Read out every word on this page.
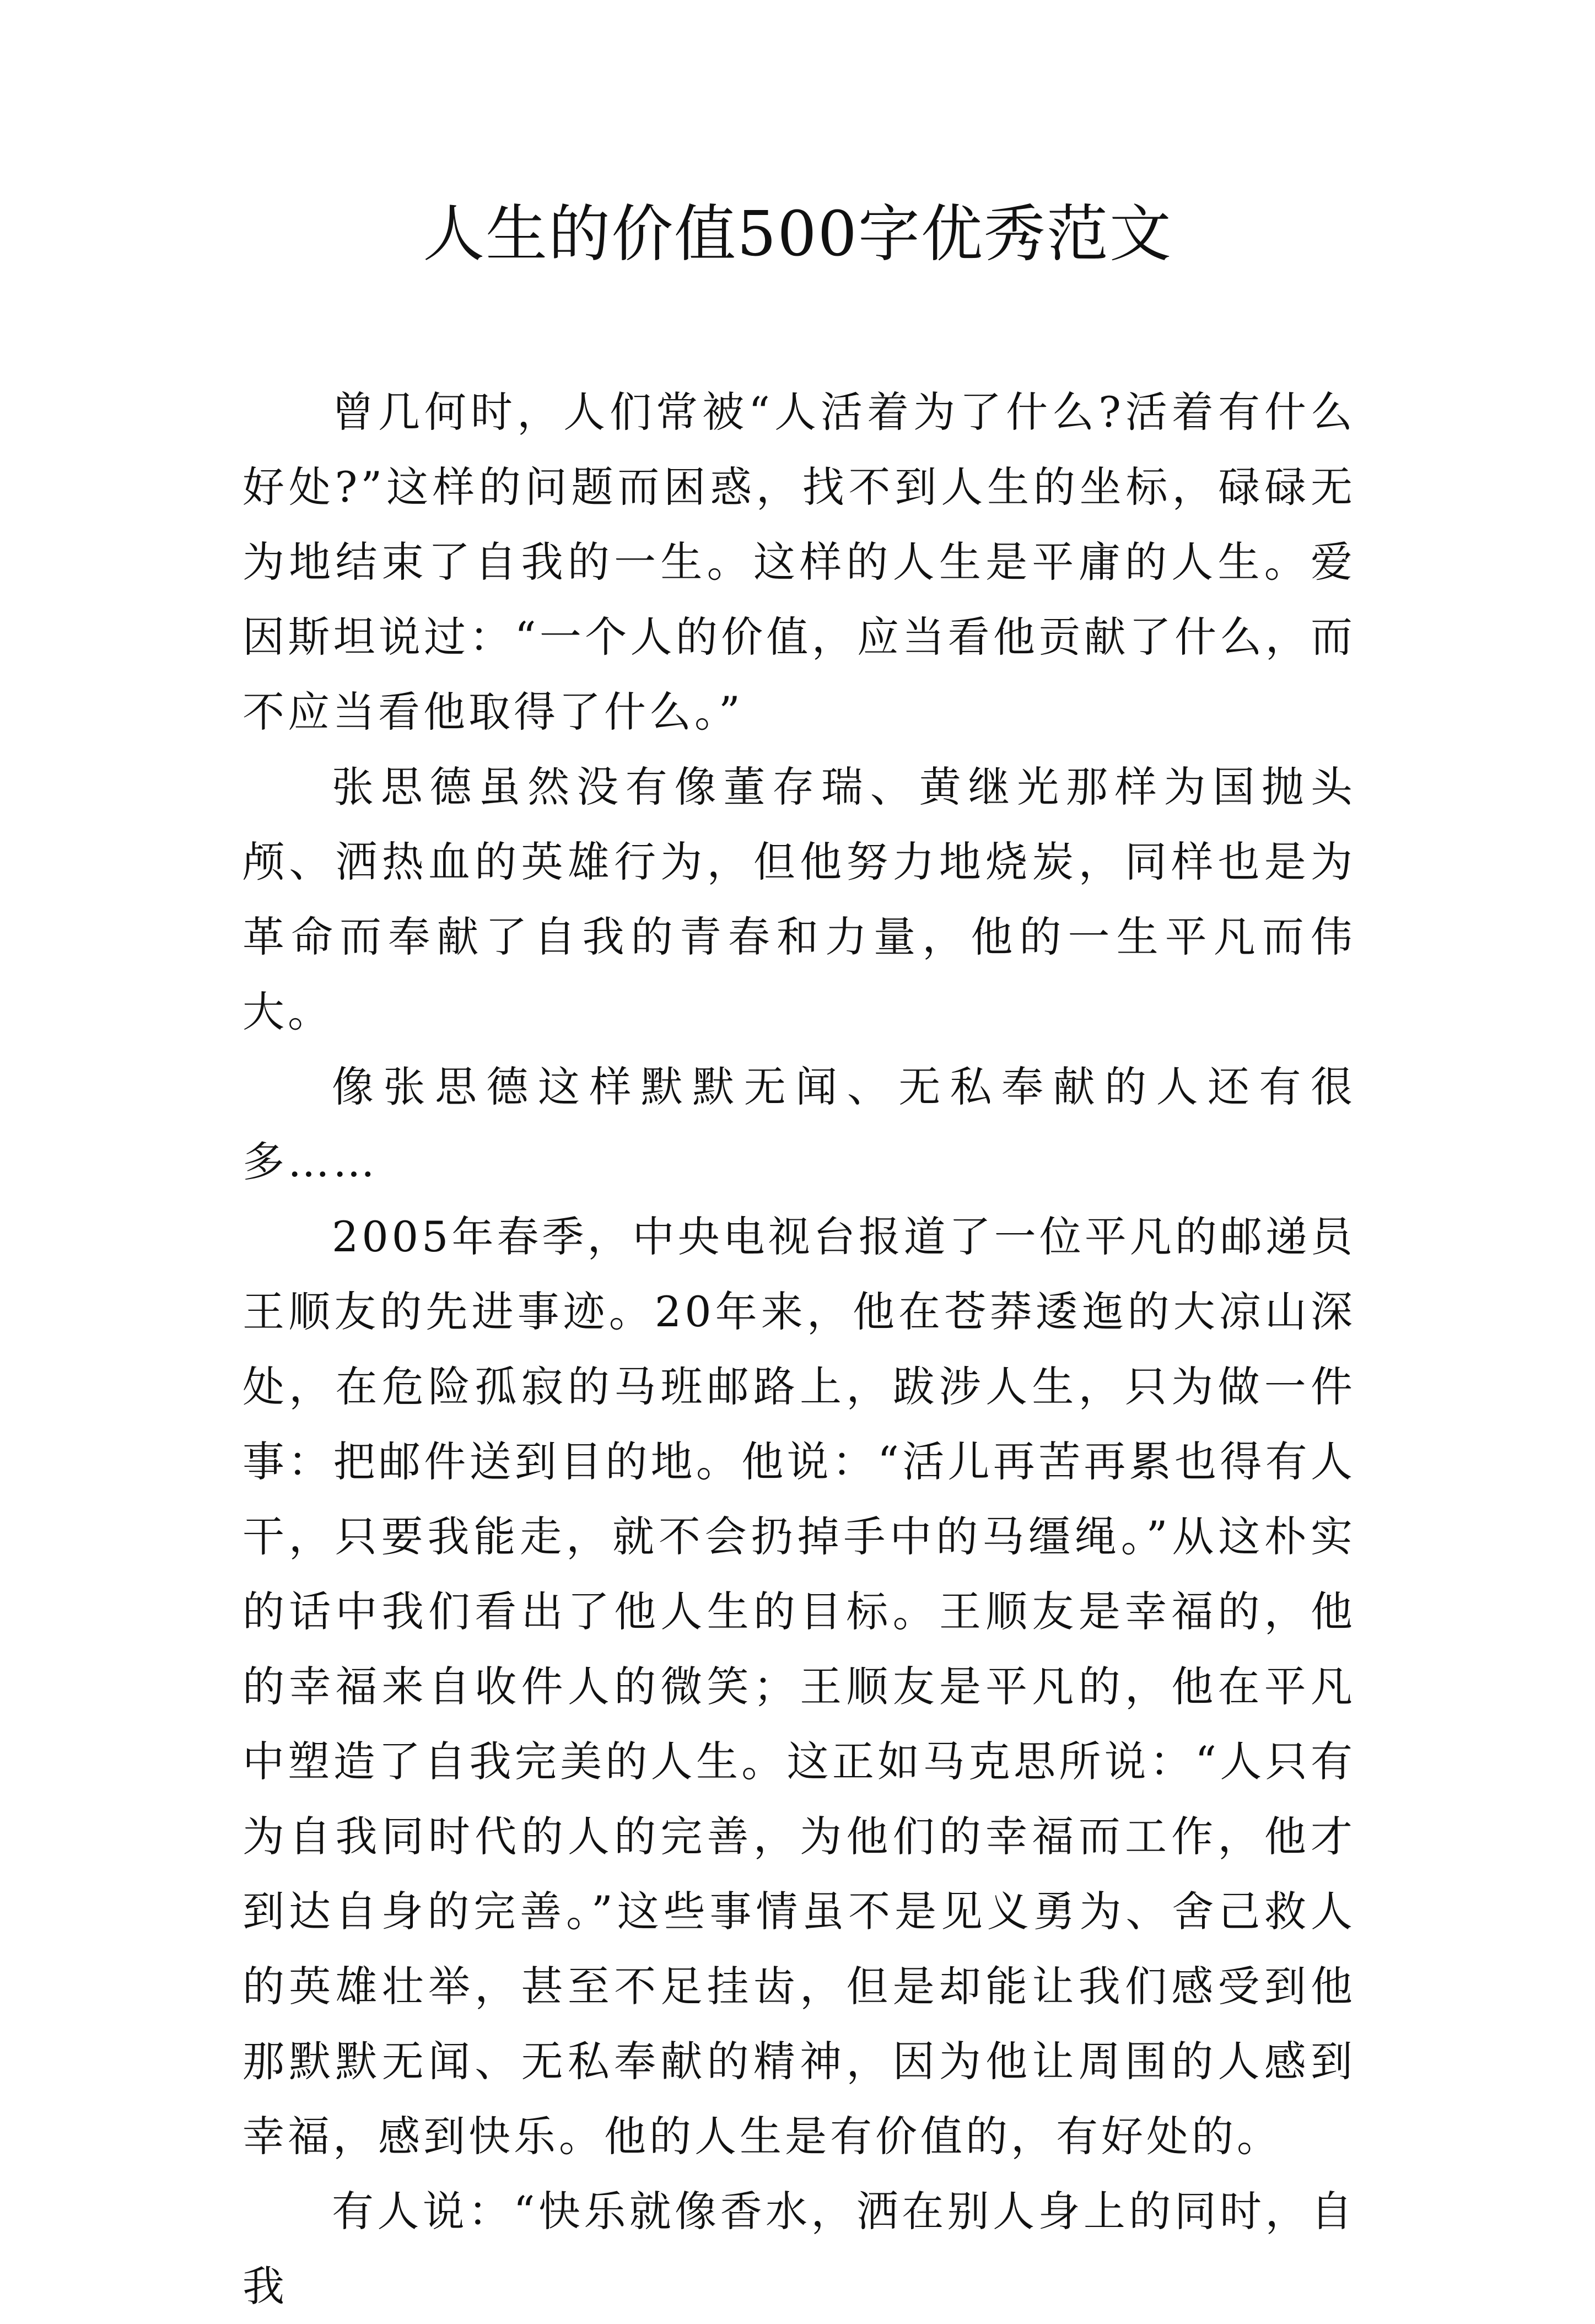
人生的价值500字优秀范文

曾几何时，人们常被“人活着为了什么?活着有什么好处?”这样的问题而困惑，找不到人生的坐标，碌碌无为地结束了自我的一生。这样的人生是平庸的人生。爱因斯坦说过：“一个人的价值，应当看他贡献了什么，而不应当看他取得了什么。”

张思德虽然没有像董存瑞、黄继光那样为国抛头颅、洒热血的英雄行为，但他努力地烧炭，同样也是为革命而奉献了自我的青春和力量，他的一生平凡而伟大。

像张思德这样默默无闻、无私奉献的人还有很多……

2005年春季，中央电视台报道了一位平凡的邮递员王顺友的先进事迹。20年来，他在苍莽逶迤的大凉山深处，在危险孤寂的马班邮路上，跋涉人生，只为做一件事：把邮件送到目的地。他说：“活儿再苦再累也得有人干，只要我能走，就不会扔掉手中的马缰绳。”从这朴实的话中我们看出了他人生的目标。王顺友是幸福的，他的幸福来自收件人的微笑；王顺友是平凡的，他在平凡中塑造了自我完美的人生。这正如马克思所说：“人只有为自我同时代的人的完善，为他们的幸福而工作，他才到达自身的完善。”这些事情虽不是见义勇为、舍己救人的英雄壮举，甚至不足挂齿，但是却能让我们感受到他那默默无闻、无私奉献的精神，因为他让周围的人感到幸福，感到快乐。他的人生是有价值的，有好处的。

有人说：“快乐就像香水，洒在别人身上的同时，自我
